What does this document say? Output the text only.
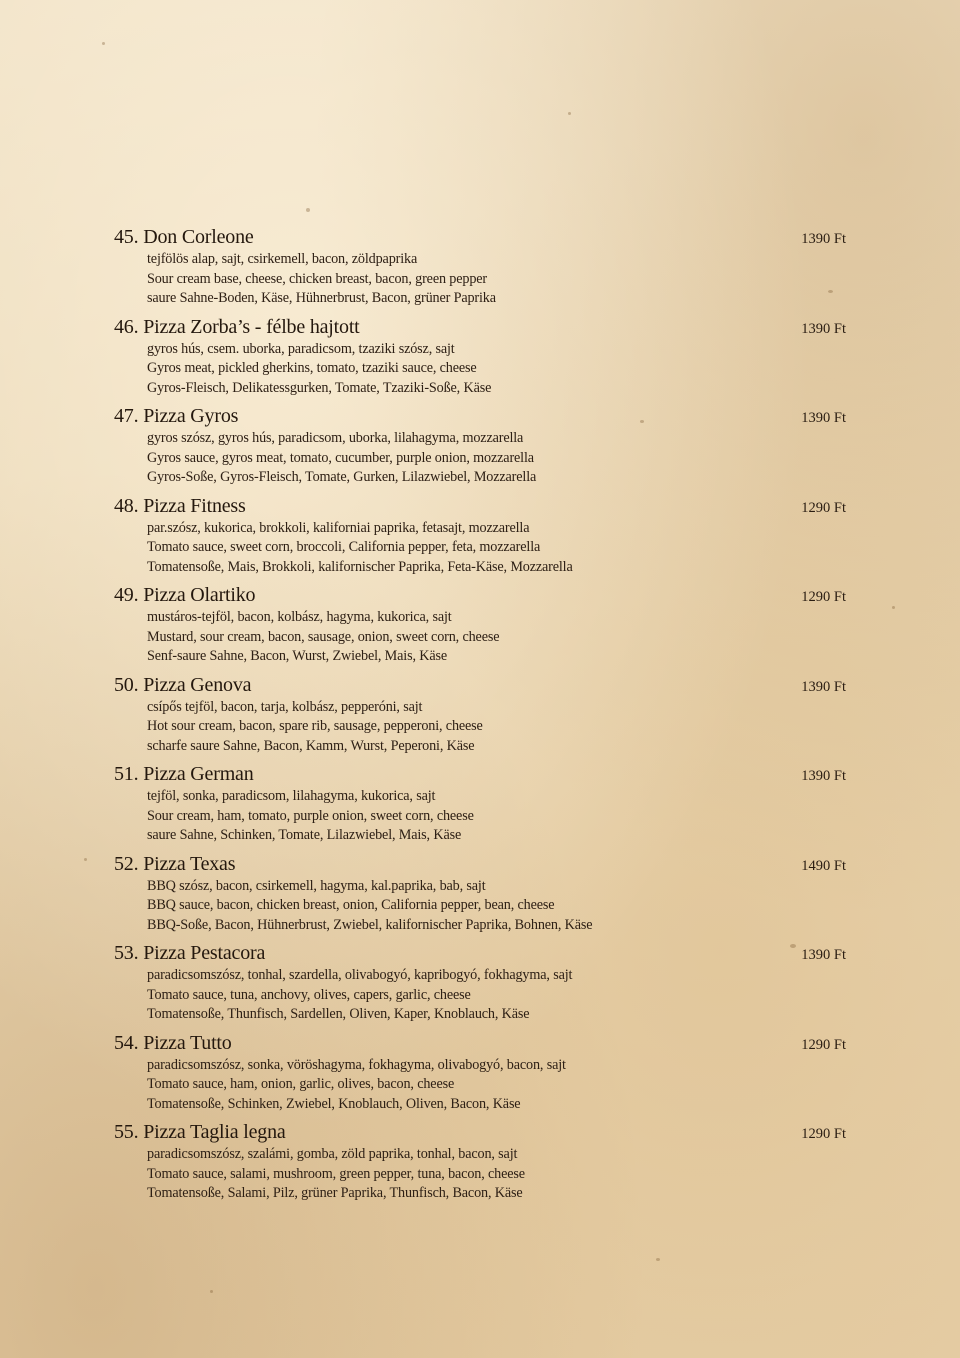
45. Don Corleone	1390 Ft
tejfölös alap, sajt, csirkemell, bacon, zöldpaprika
Sour cream base, cheese, chicken breast, bacon, green pepper
saure Sahne-Boden, Käse, Hühnerbrust, Bacon, grüner Paprika
46. Pizza Zorba’s - félbe hajtott	1390 Ft
gyros hús, csem. uborka, paradicsom, tzaziki szósz, sajt
Gyros meat, pickled gherkins, tomato, tzaziki sauce, cheese
Gyros-Fleisch, Delikatessgurken, Tomate, Tzaziki-Soße, Käse
47. Pizza Gyros	1390 Ft
gyros szósz, gyros hús, paradicsom, uborka, lilahagyma, mozzarella
Gyros sauce, gyros meat, tomato, cucumber, purple onion, mozzarella
Gyros-Soße, Gyros-Fleisch, Tomate, Gurken, Lilazwiebel, Mozzarella
48. Pizza Fitness	1290 Ft
par.szósz, kukorica, brokkoli, kaliforniai paprika, fetasajt, mozzarella
Tomato sauce, sweet corn, broccoli, California pepper, feta, mozzarella
Tomatensoße, Mais, Brokkoli, kalifornischer Paprika, Feta-Käse, Mozzarella
49. Pizza Olartiko	1290 Ft
mustáros-tejföl, bacon, kolbász, hagyma, kukorica, sajt
Mustard, sour cream, bacon, sausage, onion, sweet corn, cheese
Senf-saure Sahne, Bacon, Wurst, Zwiebel, Mais, Käse
50. Pizza Genova	1390 Ft
csípős tejföl, bacon, tarja, kolbász, pepperóni, sajt
Hot sour cream, bacon, spare rib, sausage, pepperoni, cheese
scharfe saure Sahne, Bacon, Kamm, Wurst, Peperoni, Käse
51. Pizza German	1390 Ft
tejföl, sonka, paradicsom, lilahagyma, kukorica, sajt
Sour cream, ham, tomato, purple onion, sweet corn, cheese
saure Sahne, Schinken, Tomate, Lilazwiebel, Mais, Käse
52. Pizza Texas	1490 Ft
BBQ szósz, bacon, csirkemell, hagyma, kal.paprika, bab, sajt
BBQ sauce, bacon, chicken breast, onion, California pepper, bean, cheese
BBQ-Soße, Bacon, Hühnerbrust, Zwiebel, kalifornischer Paprika, Bohnen, Käse
53. Pizza Pestacora	1390 Ft
paradicsomszósz, tonhal, szardella, olivabogyó, kapribogyó, fokhagyma, sajt
Tomato sauce, tuna, anchovy, olives, capers, garlic, cheese
Tomatensoße, Thunfisch, Sardellen, Oliven, Kaper, Knoblauch, Käse
54. Pizza Tutto	1290 Ft
paradicsomszósz, sonka, vöröshagyma, fokhagyma, olivabogyó, bacon, sajt
Tomato sauce, ham, onion, garlic, olives, bacon, cheese
Tomatensoße, Schinken, Zwiebel, Knoblauch, Oliven, Bacon, Käse
55. Pizza Taglia legna	1290 Ft
paradicsomszósz, szalámi, gomba, zöld paprika, tonhal, bacon, sajt
Tomato sauce, salami, mushroom, green pepper, tuna, bacon, cheese
Tomatensoße, Salami, Pilz, grüner Paprika, Thunfisch, Bacon, Käse
